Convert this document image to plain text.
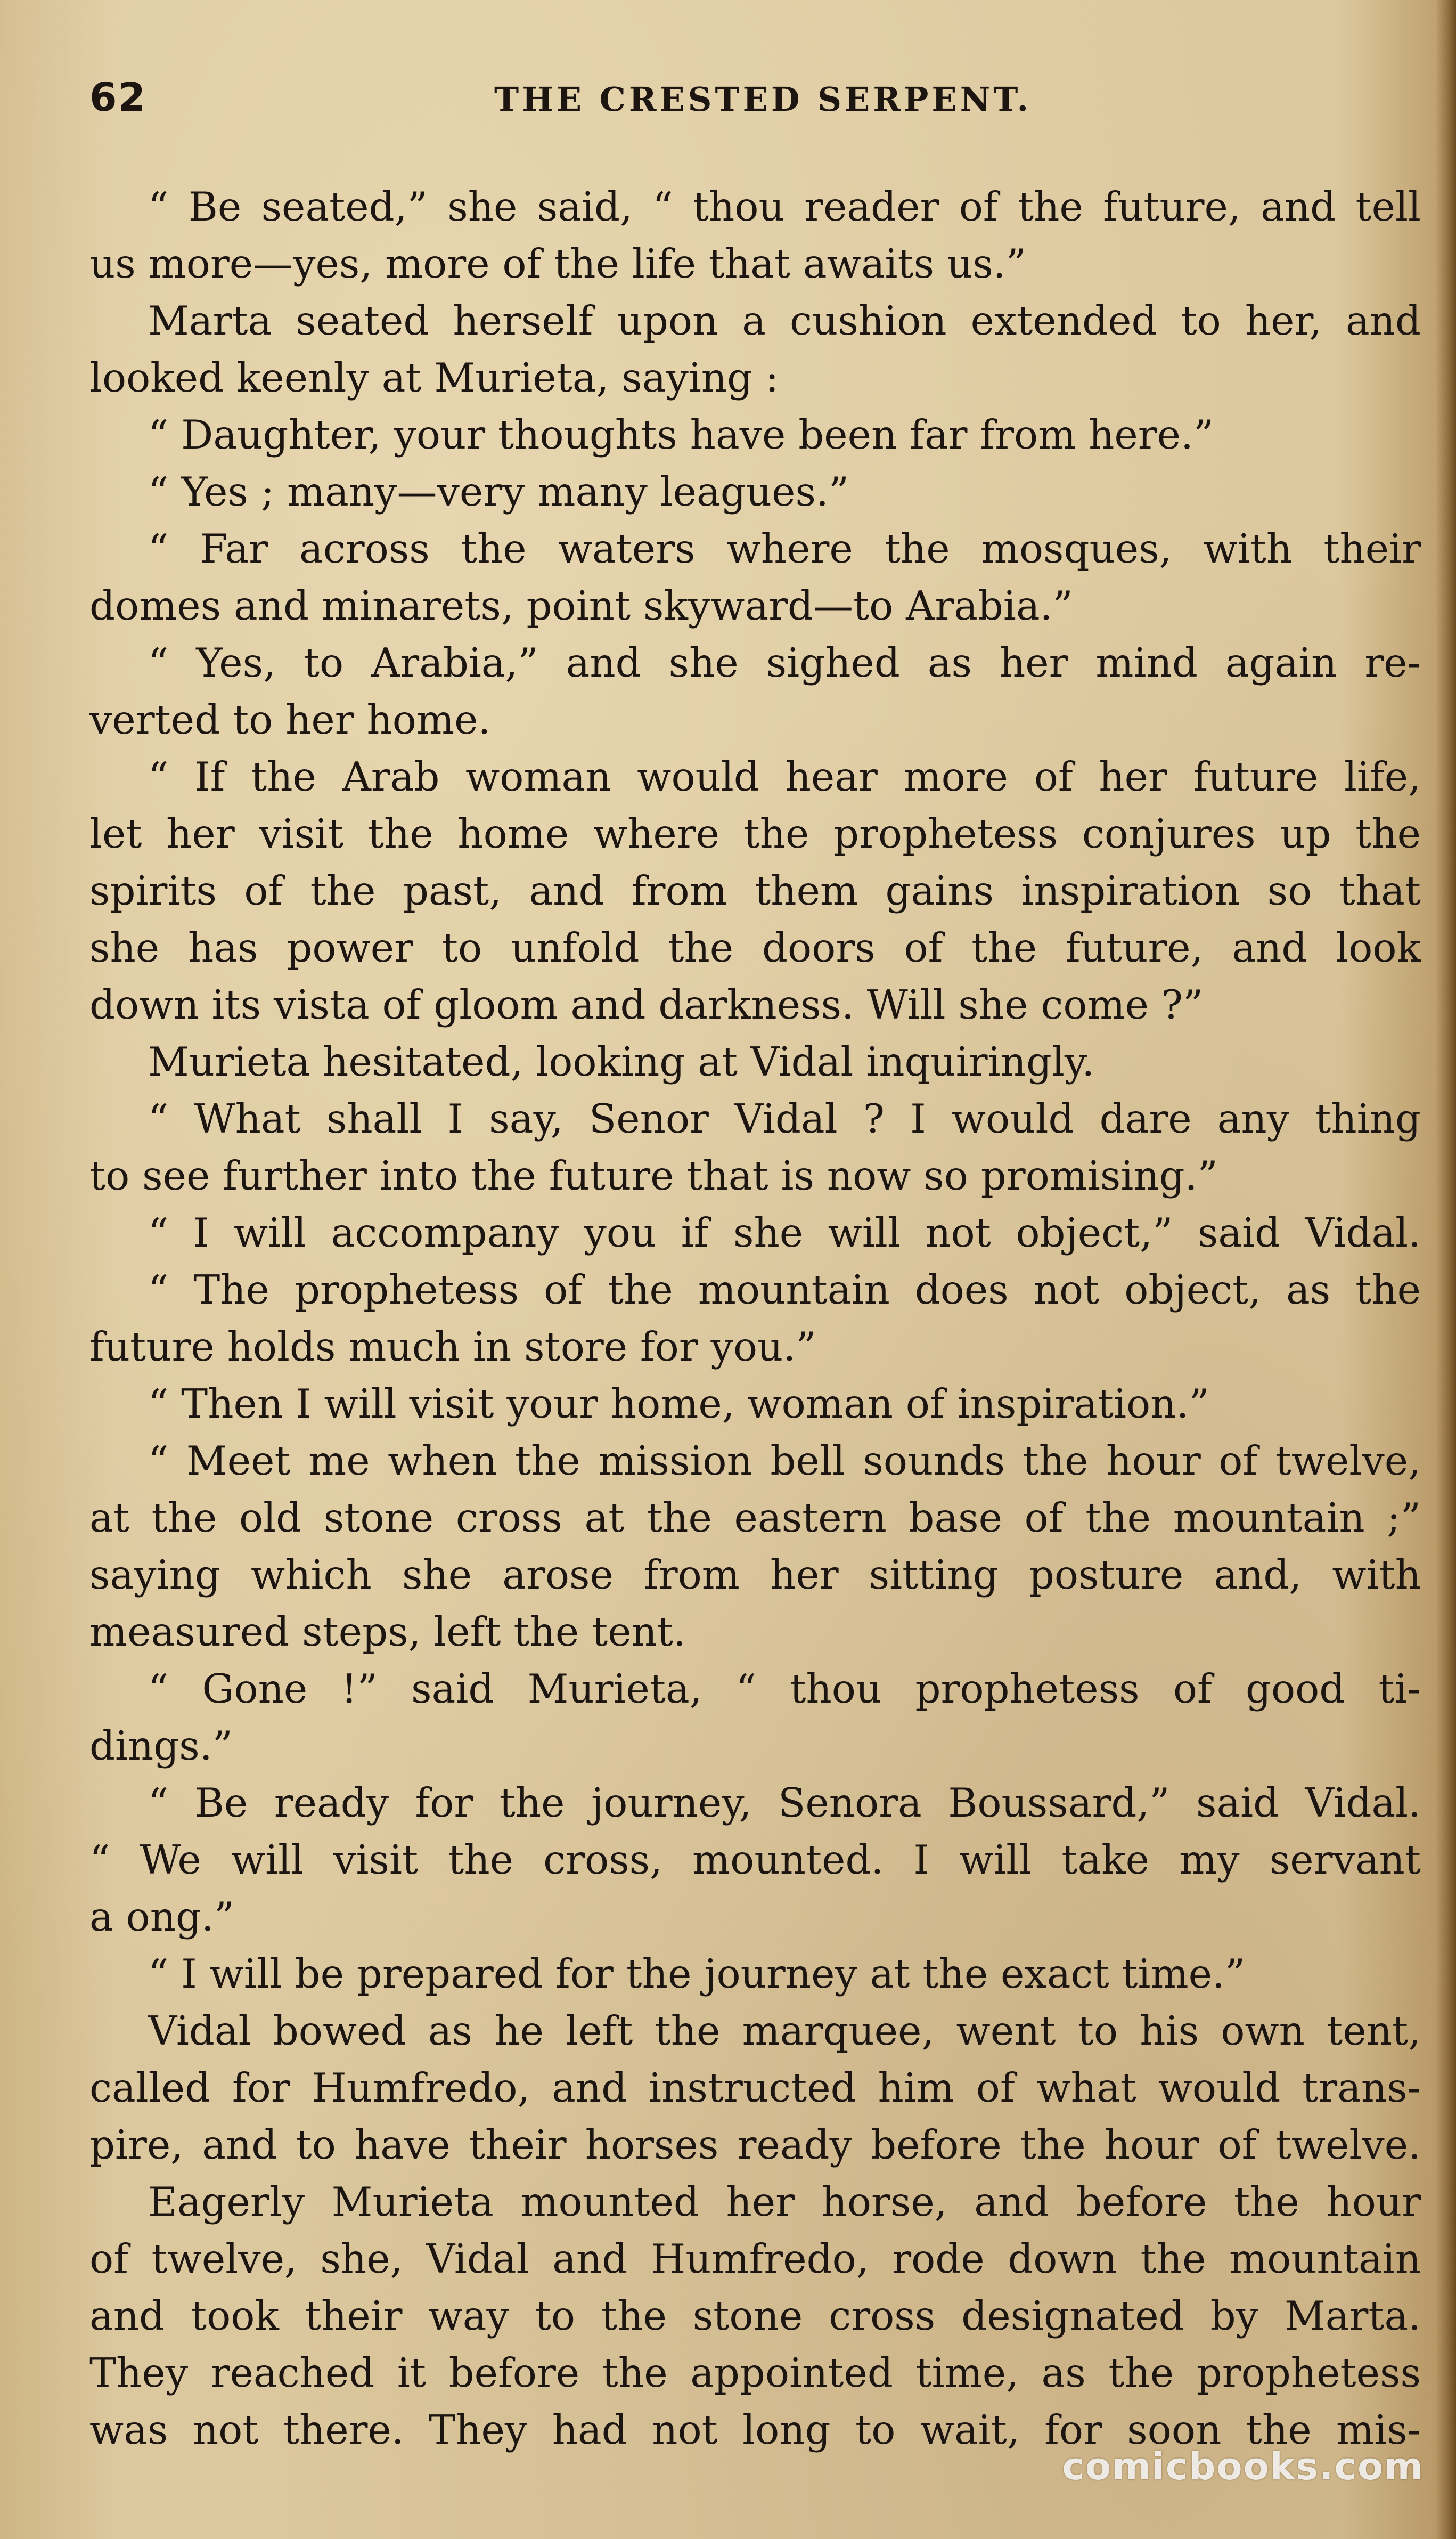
62	THE CRESTED SERPENT.
“ Be seated,” she said, “ thou reader of the future, and tell
us more—yes, more of the life that awaits us.”
Marta seated herself upon a cushion extended to her, and
looked keenly at Murieta, saying :
“ Daughter, your thoughts have been far from here.”
“ Yes ; many—very many leagues.”
“ Far across the waters where the mosques, with their
domes and minarets, point skyward—to Arabia.”
“ Yes, to Arabia,” and she sighed as her mind again re-
verted to her home.
“ If the Arab woman would hear more of her future life,
let her visit the home where the prophetess conjures up the
spirits of the past, and from them gains inspiration so that
she has power to unfold the doors of the future, and look
down its vista of gloom and darkness. Will she come ?”
Murieta hesitated, looking at Vidal inquiringly.
“ What shall I say, Senor Vidal ? I would dare any thing
to see further into the future that is now so promising.”
“ I will accompany you if she will not object,” said Vidal.
“ The prophetess of the mountain does not object, as the
future holds much in store for you.”
“ Then I will visit your home, woman of inspiration.”
“ Meet me when the mission bell sounds the hour of twelve,
at the old stone cross at the eastern base of the mountain ;”
saying which she arose from her sitting posture and, with
measured steps, left the tent.
“ Gone !” said Murieta, “ thou prophetess of good ti-
dings.”
“ Be ready for the journey, Senora Boussard,” said Vidal.
“ We will visit the cross, mounted. I will take my servant
a ong.”
“ I will be prepared for the journey at the exact time.”
Vidal bowed as he left the marquee, went to his own tent,
called for Humfredo, and instructed him of what would trans-
pire, and to have their horses ready before the hour of twelve.
Eagerly Murieta mounted her horse, and before the hour
of twelve, she, Vidal and Humfredo, rode down the mountain
and took their way to the stone cross designated by Marta.
They reached it before the appointed time, as the prophetess
was not there. They had not long to wait, for soon the mis-
comicbooks.com
